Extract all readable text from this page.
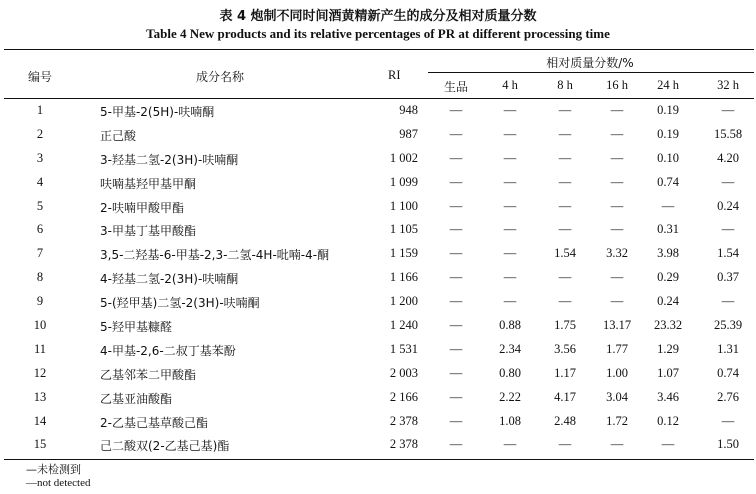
表 4 炮制不同时间酒黄精新产生的成分及相对质量分数
Table 4 New products and its relative percentages of PR at different processing time
编号	成分名称	RI
相对质量分数/%
生品	4 h	8 h	16 h	24 h	32 h
1	5-甲基-2(5H)-呋喃酮	948	—	—	—	—	0.19	—
2	正己酸	987	—	—	—	—	0.19	15.58
3	3-羟基二氢-2(3H)-呋喃酮	1 002	—	—	—	—	0.10	4.20
4	呋喃基羟甲基甲酮	1 099	—	—	—	—	0.74	—
5	2-呋喃甲酸甲酯	1 100	—	—	—	—	—	0.24
6	3-甲基丁基甲酸酯	1 105	—	—	—	—	0.31	—
7	3,5-二羟基-6-甲基-2,3-二氢-4H-吡喃-4-酮	1 159	—	—	1.54	3.32	3.98	1.54
8	4-羟基二氢-2(3H)-呋喃酮	1 166	—	—	—	—	0.29	0.37
9	5-(羟甲基)二氢-2(3H)-呋喃酮	1 200	—	—	—	—	0.24	—
10	5-羟甲基糠醛	1 240	—	0.88	1.75	13.17	23.32	25.39
11	4-甲基-2,6-二叔丁基苯酚	1 531	—	2.34	3.56	1.77	1.29	1.31
12	乙基邻苯二甲酸酯	2 003	—	0.80	1.17	1.00	1.07	0.74
13	乙基亚油酸酯	2 166	—	2.22	4.17	3.04	3.46	2.76
14	2-乙基己基草酸己酯	2 378	—	1.08	2.48	1.72	0.12	—
15	己二酸双(2-乙基己基)酯	2 378	—	—	—	—	—	1.50
—未检测到
—not detected
